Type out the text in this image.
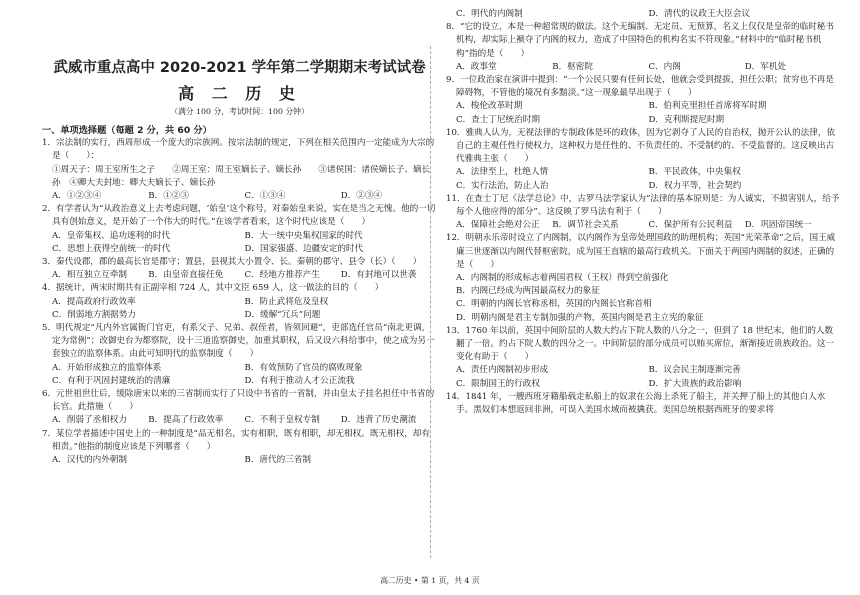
武威市重点高中 2020-2021 学年第二学期期末考试试卷
高 二 历 史
（满分 100 分，考试时间：100 分钟）
一、单项选择题（每题 2 分，共 60 分）

1．宗法制的实行，西周形成一个庞大的宗族网。按宗法制的规定，下列在相关范围内一定能成为大宗的是（　　）：

①周天子：周王室所生之子　　②周王室：周王室嫡长子、嫡长孙　　③诸侯国：诸侯嫡长子、嫡长孙　④卿大夫封地：卿大夫嫡长子、嫡长孙
A．①②③④	B．①②③	C．①③④	D．②③④

2．有学者认为“从政治意义上去考虑问题，‘始皇’这个称号，对秦始皇来说，实在是当之无愧。他的一切具有创始意义，是开始了一个伟大的时代。”在该学者看来，这个时代应该是（　　）

A．皇帝集权、追功逐利的时代	B．大一统中央集权国家的时代
C．思想上获得空前统一的时代	D．国家强盛、边疆安定的时代

3．秦代设郡，郡的最高长官是郡守；置县，县视其大小置令、长。秦朝的郡守、县令（长）（　　）

A．相互独立互牵制	B．由皇帝直接任免	C．经地方推荐产生	D．有封地可以世袭

4．据统计，两宋时期共有正副宰相 724 人，其中文臣 659 人，这一做法的目的（　　）

A．提高政府行政效率	B．防止武将危及皇权
C．削弱地方割据势力	D．缓解“冗兵”问题

5．明代规定“凡内外官属衙门官吏，有系父子、兄弟、叔侄者，皆须回避”，吏部选任官员“南北更调，定为常例”；改御史台为都察院，设十三道监察御史，加重其职权，后又设六科给事中，使之成为另一套独立的监察体系。由此可知明代的监察制度（　　）

A．开始形成独立的监察体系	B．有效预防了官员的腐败现象
C．有利于巩固封建统治的清廉	D．有利于推动人才公正流我

6．元世祖世仕后，缓除唐宋以来的三省制而实行了只设中书省的一省制，并由皇太子挂名担任中书省的长官。此措施（　　）

A．削弱了丞相权力	B．提高了行政效率	C．不利于皇权专制	D．违背了历史潮流

7．某位学者描述中国史上的一种制度是“品无相名，实有相职，既有相职，却无相权。既无相权，却有相责。”他指的制度应该是下列哪者（　　）

A．汉代的内外朝制	B．唐代的三省制
C．明代的内阁制	D．清代的议政王大臣会议

8．“它的设立，本是一种超常规的做法。这个无编制、无定员、无预算，名义上仅仅是皇帝的临时秘书机构，却实际上褫夺了内阁的权力，造成了中国特色的机构名实不符现象。”材料中的“临时秘书机构”指的是（　　）

A．政事堂	B．枢密院	C．内阁	D．军机处

9．一位政治家在演讲中提到：“一个公民只要有任何长处，他就会受到提拔，担任公职；贫穷也不再是障碍物，不管他的境况有多黯淡。”这一现象最早出现于（　　）

A．梭伦改革时期	B．伯利克里担任首席将军时期
C．查士丁尼统治时期	D．克利斯提尼时期

10．雅典人认为，无视法律的专制政体是坏的政体，因为它剥夺了人民的自治权，抛开公认的法律，依自己的主观任性行使权力，这种权力是任性的、不负责任的、不受制约的、不受监督的。这反映出古代雅典主张（　　）

A．法律至上，杜绝人情	B．平民政体，中央集权
C．实行法治，防止人治	D．权力平等，社会契约

11．在查士丁尼《法学总论》中，古罗马法学家认为“法律的基本原则是：为人诚实，不损害别人，给予每个人他应得的部分”。这反映了罗马法有利于（　　）

A．保障社会绝对公正	B．调节社会关系	C．保护所有公民利益	D．巩固帝国统一

12．明朝永乐帝时设立了内阁制，以内阁作为皇帝处理国政的助理机构；英国“光荣革命”之后，国王威廉三世逐渐以内阁代替枢密院，成为国王直辖的最高行政机关。下面关于两国内阁制的叙述，正确的是（　　）

A．内阁制的形成标志着两国君权（王权）得到空前强化
B．内阁已经成为两国最高权力的象征
C．明朝的内阁长官称丞相，英国的内阁长官称首相
D．明朝内阁是君主专制加强的产物，英国内阁是君主立宪的象征

13．1760 年以前，英国中间阶层的人数大约占下院人数的八分之一，但到了 18 世纪末，他们的人数翻了一倍。约占下院人数的四分之一。中间阶层的部分成员可以贿买席位，渐渐接近贵族政治。这一变化有助于（　　）

A．责任内阁制初步形成	B．议会民主制逐渐完善
C．限制国王的行政权	D．扩大贵族的政治影响

14．1841 年，一艘西班牙籍船载走私船上的奴隶在公海上杀死了船主，并关押了船上的其他白人水手。黑奴们本想返回非洲，可误入美国水域而被擒获。美国总统根据西班牙的要求将

高二历史 • 第 1 页，共 4 页
